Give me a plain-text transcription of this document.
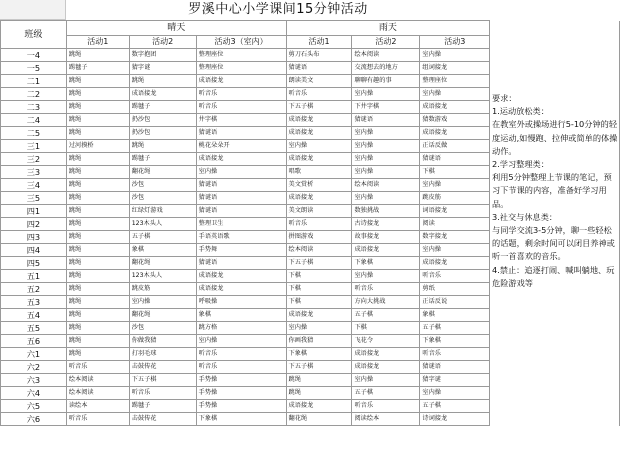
罗溪中心小学课间15分钟活动
班级	晴天			雨天			
	活动1	活动2	活动3（室内）	活动1	活动2	活动3	
一4	跳绳	数字抱团	整理座位	剪刀石头布	绘本阅读	室内操	
一5	踢毽子	猜字谜	整理座位	猜谜语	交流想去的地方	组词接龙	
二1	跳绳	跳绳	成语接龙	朗读美文	聊聊有趣的事	整理座位	
二2	跳绳	成语接龙	听音乐	听音乐	室内操	室内操	
二3	跳绳	踢毽子	听音乐	下五子棋	下井字棋	成语接龙	
二4	跳绳	扔沙包	井字棋	成语接龙	猜谜语	猜数游戏	
二5	跳绳	扔沙包	猜谜语	成语接龙	室内操	成语接龙	
三1	过河摸桥	跳绳	桃花朵朵开	室内操	室内操	正话反做	
三2	跳绳	踢毽子	成语接龙	成语接龙	室内操	猜谜语	
三3	跳绳	翻花绳	室内操	唱歌	室内操	下棋	
三4	跳绳	沙包	猜谜语	美文赏析	绘本阅读	室内操	
三5	跳绳	沙包	猜谜语	成语接龙	室内操	跳皮筋	
四1	跳绳	红绿灯游戏	猜谜语	美文朗读	数独挑战	词语接龙	
四2	跳绳	123木头人	整理卫生	听音乐	古诗接龙	阅读	
四3	跳绳	五子棋	手语英语歌	拼图游戏	故事接龙	数字接龙	
四4	跳绳	象棋	手势舞	绘本阅读	成语接龙	室内操	
四5	跳绳	翻花绳	猜谜语	下五子棋	下象棋	成语接龙	
五1	跳绳	123木头人	成语接龙	下棋	室内操	听音乐	
五2	跳绳	跳皮筋	成语接龙	下棋	听音乐	剪纸	
五3	跳绳	室内操	呼吸操	下棋	方向大挑战	正话反说	
五4	跳绳	翻花绳	象棋	成语接龙	五子棋	象棋	
五5	跳绳	沙包	跳方格	室内操	下棋	五子棋	
五6	跳绳	你做我猜	室内操	你画我猜	飞花令	下象棋	
六1	跳绳	打羽毛球	听音乐	下象棋	成语接龙	听音乐	
六2	听音乐	击鼓传花	听音乐	下五子棋	成语接龙	猜谜语	
六3	绘本阅读	下五子棋	手势操	跳绳	室内操	猜字谜	
六4	绘本阅读	听音乐	手势操	跳绳	五子棋	室内操	
六5	读绘本	踢毽子	手势操	成语接龙	听音乐	五子棋	
六6	听音乐	击鼓传花	下象棋	翻花绳	阅读绘本	诗词接龙	
要求：
1.运动放松类：
在教室外或操场进行5-10分钟的轻度运动,如慢跑、拉伸或简单的体操动作。
2.学习整理类：
利用5分钟整理上节课的笔记，预习下节课的内容，准备好学习用品。
3.社交与休息类：
与同学交流3-5分钟，聊一些轻松的话题，剩余时间可以闭目养神或听一首喜欢的音乐。
4.禁止：追逐打闹、喊叫躺地、玩危险游戏等
